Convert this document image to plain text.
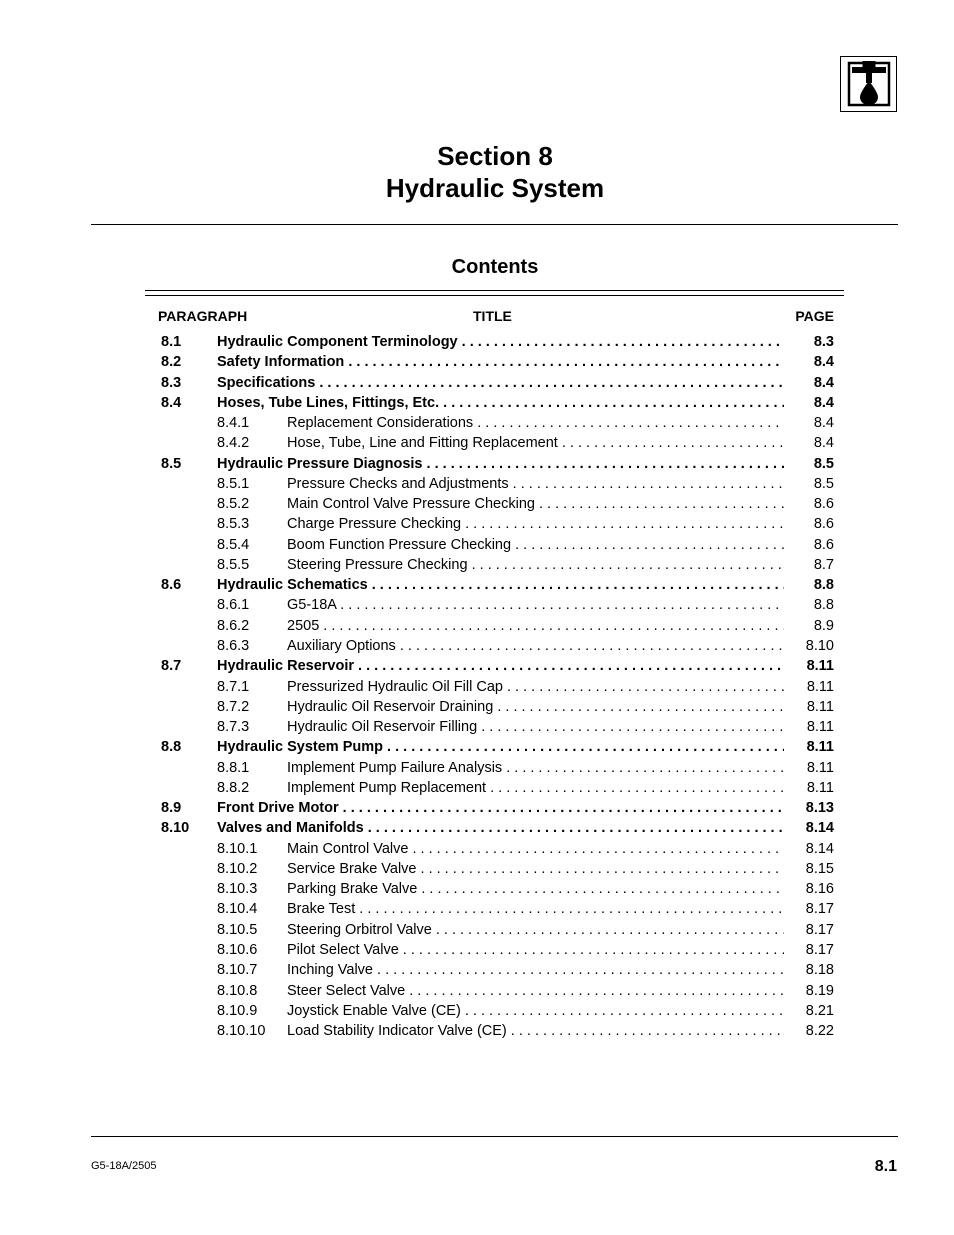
Section 8
Hydraulic System
Contents
PARAGRAPH	TITLE	PAGE
8.1 Hydraulic Component Terminology . . .	8.3
8.2 Safety Information . . .	8.4
8.3 Specifications . . .	8.4
8.4 Hoses, Tube Lines, Fittings, Etc. . . .	8.4
8.4.1	Replacement Considerations . . .	8.4
8.4.2	Hose, Tube, Line and Fitting Replacement . . .	8.4
8.5 Hydraulic Pressure Diagnosis . . .	8.5
8.5.1	Pressure Checks and Adjustments . . .	8.5
8.5.2	Main Control Valve Pressure Checking . . .	8.6
8.5.3	Charge Pressure Checking . . .	8.6
8.5.4	Boom Function Pressure Checking . . .	8.6
8.5.5	Steering Pressure Checking . . .	8.7
8.6 Hydraulic Schematics . . .	8.8
8.6.1	G5-18A . . .	8.8
8.6.2	2505 . . .	8.9
8.6.3	Auxiliary Options . . .	8.10
8.7 Hydraulic Reservoir . . .	8.11
8.7.1	Pressurized Hydraulic Oil Fill Cap . . .	8.11
8.7.2	Hydraulic Oil Reservoir Draining . . .	8.11
8.7.3	Hydraulic Oil Reservoir Filling . . .	8.11
8.8 Hydraulic System Pump . . .	8.11
8.8.1	Implement Pump Failure Analysis . . .	8.11
8.8.2	Implement Pump Replacement . . .	8.11
8.9 Front Drive Motor . . .	8.13
8.10 Valves and Manifolds . . .	8.14
8.10.1 Main Control Valve . . .	8.14
8.10.2 Service Brake Valve . . .	8.15
8.10.3 Parking Brake Valve . . .	8.16
8.10.4 Brake Test . . .	8.17
8.10.5 Steering Orbitrol Valve . . .	8.17
8.10.6 Pilot Select Valve . . .	8.17
8.10.7 Inching Valve . . .	8.18
8.10.8 Steer Select Valve . . .	8.19
8.10.9 Joystick Enable Valve (CE) . . .	8.21
8.10.10 Load Stability Indicator Valve (CE) . . .	8.22
G5-18A/2505	8.1
